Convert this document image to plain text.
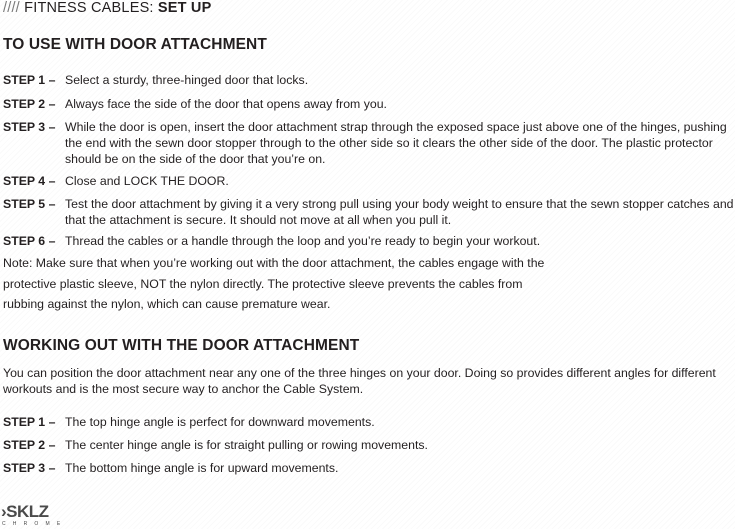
//// FITNESS CABLES: SET UP
TO USE WITH DOOR ATTACHMENT
STEP 1 – Select a sturdy, three-hinged door that locks.
STEP 2 – Always face the side of the door that opens away from you.
STEP 3 – While the door is open, insert the door attachment strap through the exposed space just above one of the hinges, pushing the end with the sewn door stopper through to the other side so it clears the other side of the door. The plastic protector should be on the side of the door that you’re on.
STEP 4 – Close and LOCK THE DOOR.
STEP 5 – Test the door attachment by giving it a very strong pull using your body weight to ensure that the sewn stopper catches and that the attachment is secure. It should not move at all when you pull it.
STEP 6 – Thread the cables or a handle through the loop and you’re ready to begin your workout.
Note: Make sure that when you’re working out with the door attachment, the cables engage with the
protective plastic sleeve, NOT the nylon directly. The protective sleeve prevents the cables from
rubbing against the nylon, which can cause premature wear.
WORKING OUT WITH THE DOOR ATTACHMENT
You can position the door attachment near any one of the three hinges on your door. Doing so provides different angles for different workouts and is the most secure way to anchor the Cable System.
STEP 1 – The top hinge angle is perfect for downward movements.
STEP 2 – The center hinge angle is for straight pulling or rowing movements.
STEP 3 – The bottom hinge angle is for upward movements.
›SKLZ
CHROME
